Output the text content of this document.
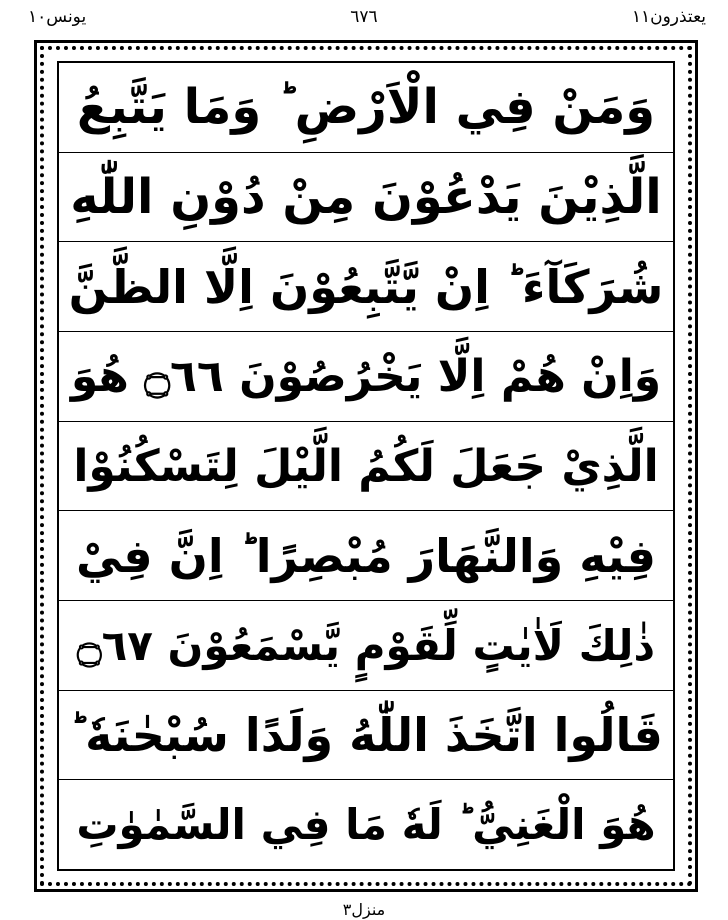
يعتذرون١١
٦٧٦
يونس١٠
وَمَنْ فِي الْاَرْضِ ؕ وَمَا يَتَّبِعُ
الَّذِيْنَ يَدْعُوْنَ مِنْ دُوْنِ اللّٰهِ
شُرَكَآءَ ؕ اِنْ يَّتَّبِعُوْنَ اِلَّا الظَّنَّ
وَاِنْ هُمْ اِلَّا يَخْرُصُوْنَ ۝٦٦ هُوَ
الَّذِيْ جَعَلَ لَكُمُ الَّيْلَ لِتَسْكُنُوْا
فِيْهِ وَالنَّهَارَ مُبْصِرًا ؕ اِنَّ فِيْ
ذٰلِكَ لَاٰيٰتٍ لِّقَوْمٍ يَّسْمَعُوْنَ ۝٦٧
قَالُوا اتَّخَذَ اللّٰهُ وَلَدًا سُبْحٰنَهٗ ؕ
هُوَ الْغَنِيُّ ؕ لَهٗ مَا فِي السَّمٰوٰتِ
منزل٣
